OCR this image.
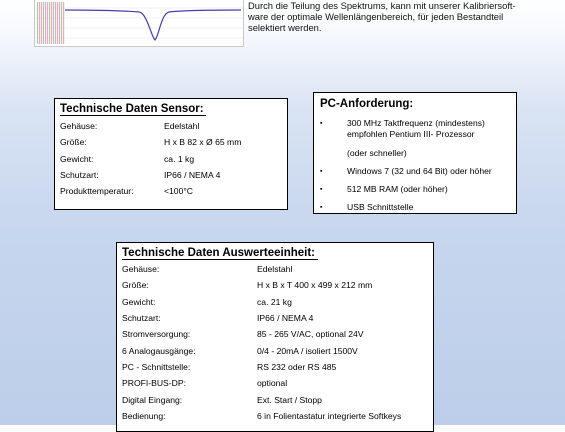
Durch die Teilung des Spektrums, kann mit unserer Kalibriersoft-
ware der optimale Wellenlängenbereich, für jeden Bestandteil
selektiert werden.
Technische Daten Sensor:
Gehäuse:	Edelstahl
Größe:	H x B 82 x Ø 65 mm
Gewicht:	ca. 1 kg
Schutzart:	IP66 / NEMA 4
Produkttemperatur:	<100°C
PC-Anforderung:
▪	300 MHz Taktfrequenz (mindestens)
empfohlen Pentium III- Prozessor
(oder schneller)
▪	Windows 7 (32 und 64 Bit) oder höher
▪	512 MB RAM (oder höher)
▪	USB Schnittstelle
Technische Daten Auswerteeinheit:
Gehäuse:	Edelstahl
Größe:	H x B x T 400 x 499 x 212 mm
Gewicht:	ca. 21 kg
Schutzart:	IP66 / NEMA 4
Stromversorgung:	85 - 265 V/AC, optional 24V
6 Analogausgänge:	0/4 - 20mA / isoliert 1500V
PC - Schnittstelle:	RS 232 oder RS 485
PROFI-BUS-DP:	optional
Digital Eingang:	Ext. Start / Stopp
Bedienung:	6 in Folientastatur integrierte Softkeys
